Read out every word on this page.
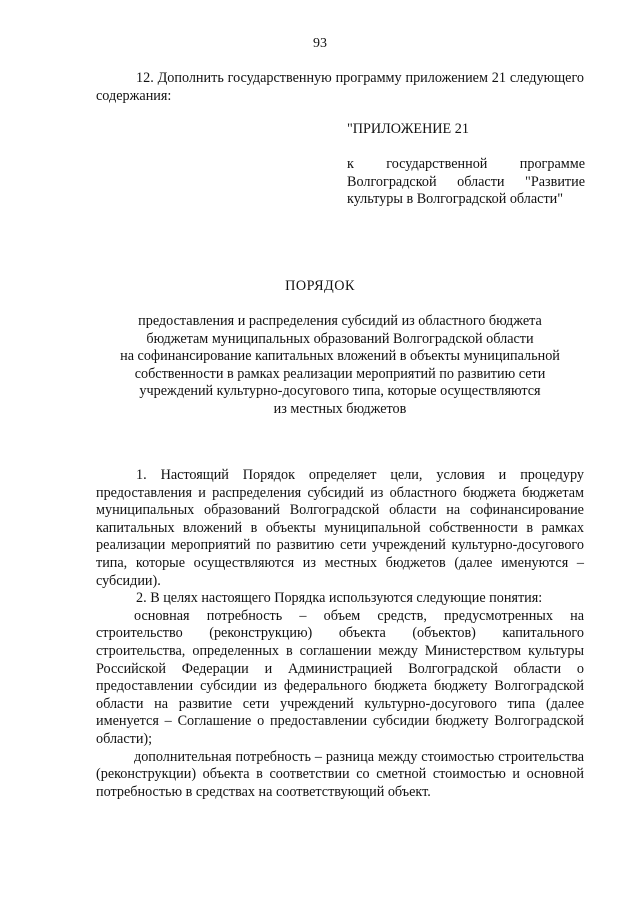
93

12. Дополнить государственную программу приложением 21 следующего содержания:

"ПРИЛОЖЕНИЕ 21
к государственной программе Волгоградской области "Развитие культуры в Волгоградской области"
ПОРЯДОК
предоставления и распределения субсидий из областного бюджета
бюджетам муниципальных образований Волгоградской области
на софинансирование капитальных вложений в объекты муниципальной
собственности в рамках реализации мероприятий по развитию сети
учреждений культурно-досугового типа, которые осуществляются
из местных бюджетов

1. Настоящий Порядок определяет цели, условия и процедуру предоставления и распределения субсидий из областного бюджета бюджетам муниципальных образований Волгоградской области на софинансирование капитальных вложений в объекты муниципальной собственности в рамках реализации мероприятий по развитию сети учреждений культурно-досугового типа, которые осуществляются из местных бюджетов (далее именуются – субсидии).

2. В целях настоящего Порядка используются следующие понятия:

основная потребность – объем средств, предусмотренных на строительство (реконструкцию) объекта (объектов) капитального строительства, определенных в соглашении между Министерством культуры Российской Федерации и Администрацией Волгоградской области о предоставлении субсидии из федерального бюджета бюджету Волгоградской области на развитие сети учреждений культурно-досугового типа (далее именуется – Соглашение о предоставлении субсидии бюджету Волгоградской области);

дополнительная потребность – разница между стоимостью строительства (реконструкции) объекта в соответствии со сметной стоимостью и основной потребностью в средствах на соответствующий объект.
